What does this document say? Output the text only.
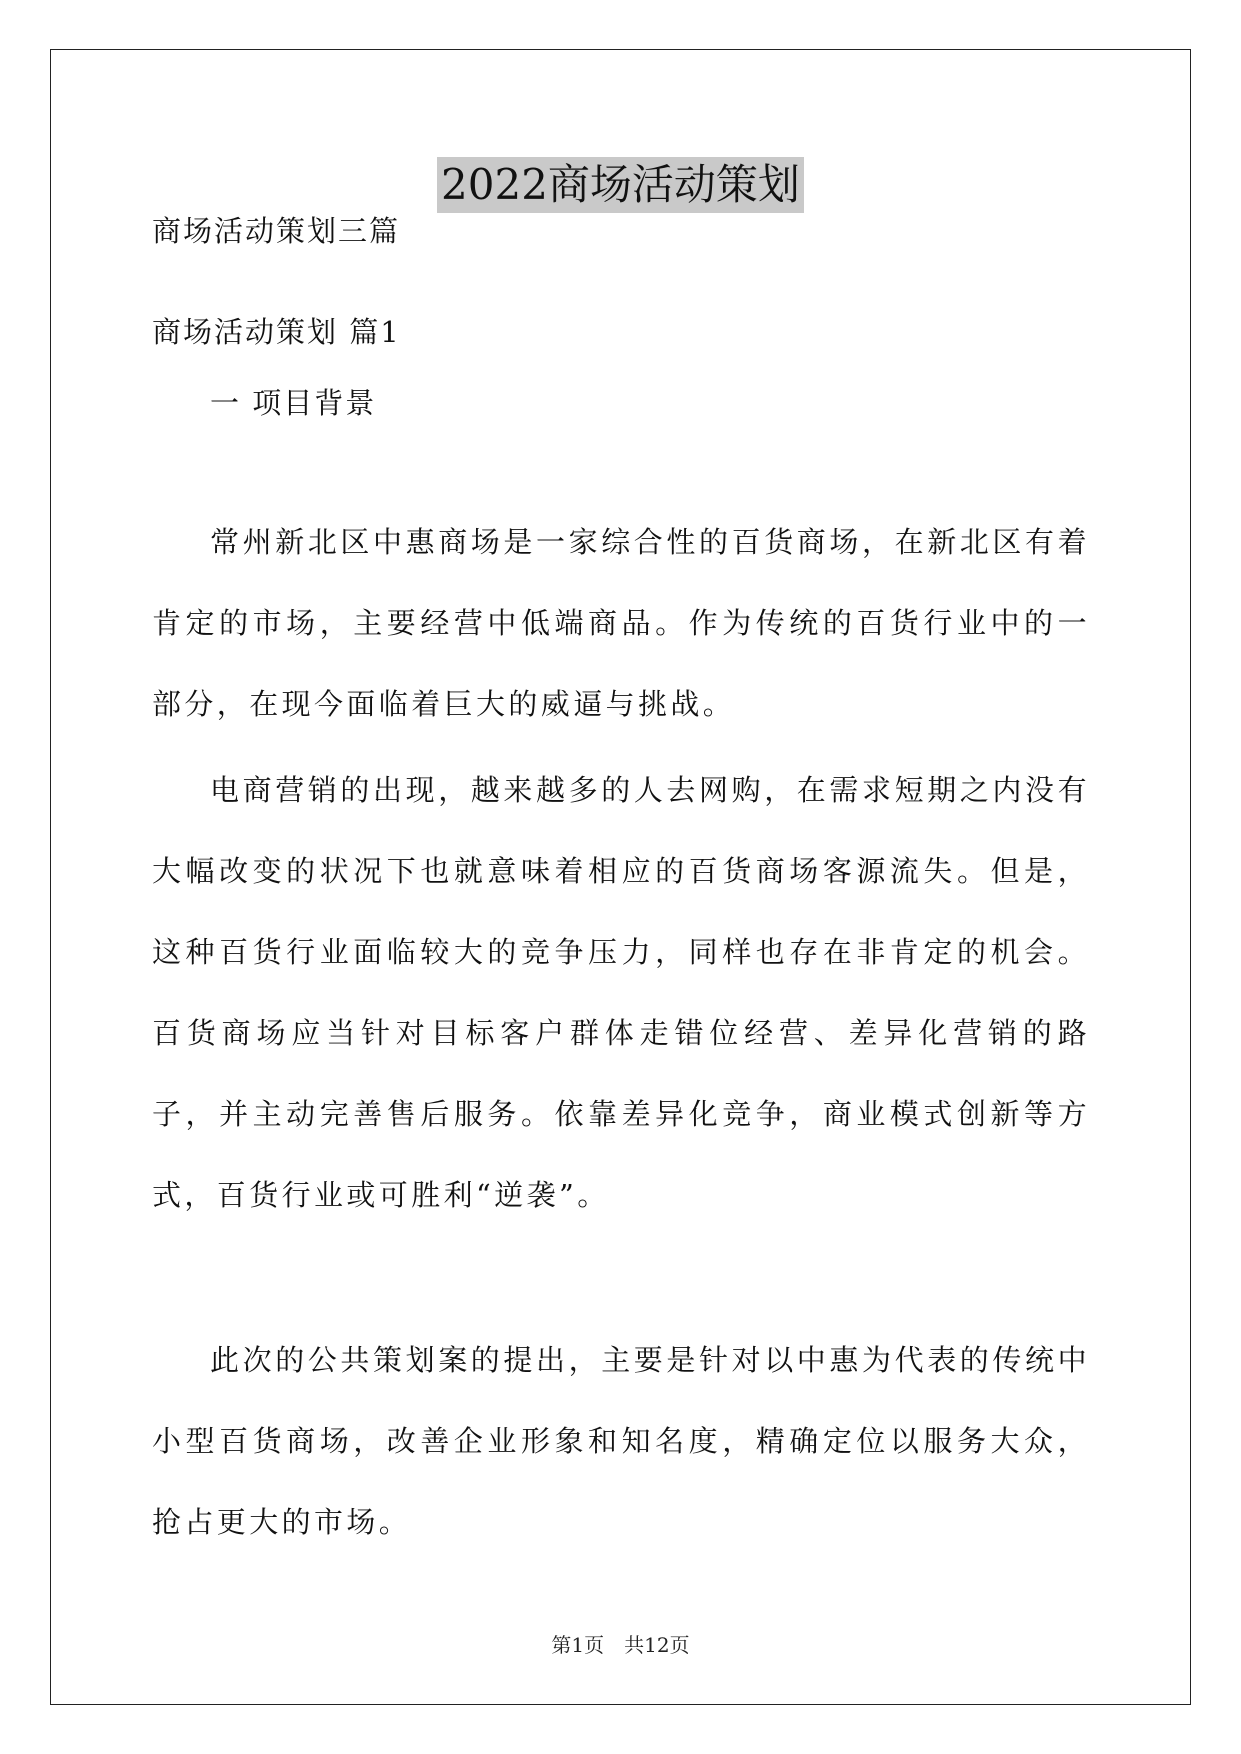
2022商场活动策划
商场活动策划三篇
商场活动策划 篇1
一 项目背景

常州新北区中惠商场是一家综合性的百货商场，在新北区有着肯定的市场，主要经营中低端商品。作为传统的百货行业中的一部分，在现今面临着巨大的威逼与挑战。

电商营销的出现，越来越多的人去网购，在需求短期之内没有大幅改变的状况下也就意味着相应的百货商场客源流失。但是，这种百货行业面临较大的竞争压力，同样也存在非肯定的机会。百货商场应当针对目标客户群体走错位经营、差异化营销的路子，并主动完善售后服务。依靠差异化竞争，商业模式创新等方式，百货行业或可胜利“逆袭”。

此次的公共策划案的提出，主要是针对以中惠为代表的传统中小型百货商场，改善企业形象和知名度，精确定位以服务大众，抢占更大的市场。

第1页　共12页
